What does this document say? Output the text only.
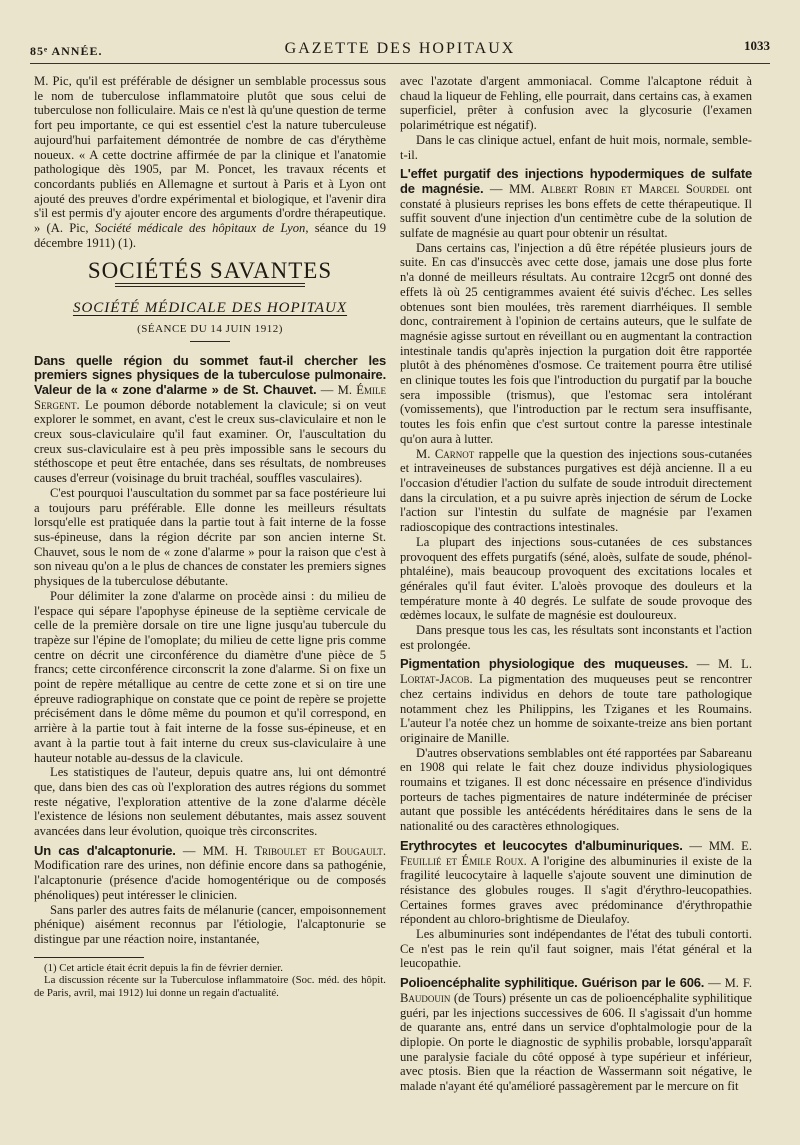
85ᵉ ANNÉE.	GAZETTE DES HOPITAUX	1033

M. Pic, qu'il est préférable de désigner un semblable processus sous le nom de tuberculose inflammatoire plutôt que sous celui de tuberculose non folliculaire. Mais ce n'est là qu'une question de terme fort peu importante, ce qui est essentiel c'est la nature tuberculeuse aujourd'hui parfaitement démontrée de nombre de cas d'érythème noueux. « A cette doctrine affirmée de par la clinique et l'anatomie pathologique dès 1905, par M. Poncet, les travaux récents et concordants publiés en Allemagne et surtout à Paris et à Lyon ont ajouté des preuves d'ordre expérimental et biologique, et l'avenir dira s'il est permis d'y ajouter encore des arguments d'ordre thérapeutique. » (A. Pic, Société médicale des hôpitaux de Lyon, séance du 19 décembre 1911) (1).

SOCIÉTÉS SAVANTES
SOCIÉTÉ MÉDICALE DES HOPITAUX
(SÉANCE DU 14 JUIN 1912)

Dans quelle région du sommet faut-il chercher les premiers signes physiques de la tuberculose pulmonaire. Valeur de la « zone d'alarme » de St. Chauvet. — M. Émile Sergent. Le poumon déborde notablement la clavicule; si on veut explorer le sommet, en avant, c'est le creux sus-claviculaire et non le creux sous-claviculaire qu'il faut examiner. Or, l'auscultation du creux sus-claviculaire est à peu près impossible sans le secours du stéthoscope et peut être entachée, dans ses résultats, de nombreuses causes d'erreur (voisinage du bruit trachéal, souffles vasculaires).

C'est pourquoi l'auscultation du sommet par sa face postérieure lui a toujours paru préférable. Elle donne les meilleurs résultats lorsqu'elle est pratiquée dans la partie tout à fait interne de la fosse sus-épineuse, dans la région décrite par son ancien interne St. Chauvet, sous le nom de « zone d'alarme » pour la raison que c'est à son niveau qu'on a le plus de chances de constater les premiers signes physiques de la tuberculose débutante.

Pour délimiter la zone d'alarme on procède ainsi : du milieu de l'espace qui sépare l'apophyse épineuse de la septième cervicale de celle de la première dorsale on tire une ligne jusqu'au tubercule du trapèze sur l'épine de l'omoplate; du milieu de cette ligne pris comme centre on décrit une circonférence du diamètre d'une pièce de 5 francs; cette circonférence circonscrit la zone d'alarme. Si on fixe un point de repère métallique au centre de cette zone et si on tire une épreuve radiographique on constate que ce point de repère se projette précisément dans le dôme même du poumon et qu'il correspond, en arrière à la partie tout à fait interne de la fosse sus-épineuse, et en avant à la partie tout à fait interne du creux sus-claviculaire à une hauteur notable au-dessus de la clavicule.

Les statistiques de l'auteur, depuis quatre ans, lui ont démontré que, dans bien des cas où l'exploration des autres régions du sommet reste négative, l'exploration attentive de la zone d'alarme décèle l'existence de lésions non seulement débutantes, mais assez souvent avancées dans leur évolution, quoique très circonscrites.

Un cas d'alcaptonurie. — MM. H. Triboulet et Bougault. Modification rare des urines, non définie encore dans sa pathogénie, l'alcaptonurie (présence d'acide homogentérique ou de composés phénoliques) peut intéresser le clinicien.

Sans parler des autres faits de mélanurie (cancer, empoisonnement phénique) aisément reconnus par l'étiologie, l'alcaptonurie se distingue par une réaction noire, instantanée,

(1) Cet article était écrit depuis la fin de février dernier.

La discussion récente sur la Tuberculose inflammatoire (Soc. méd. des hôpit. de Paris, avril, mai 1912) lui donne un regain d'actualité.

avec l'azotate d'argent ammoniacal. Comme l'alcaptone réduit à chaud la liqueur de Fehling, elle pourrait, dans certains cas, à examen superficiel, prêter à confusion avec la glycosurie (l'examen polarimétrique est négatif).

Dans le cas clinique actuel, enfant de huit mois, normale, semble-t-il.

L'effet purgatif des injections hypodermiques de sulfate de magnésie. — MM. Albert Robin et Marcel Sourdel ont constaté à plusieurs reprises les bons effets de cette thérapeutique. Il suffit souvent d'une injection d'un centimètre cube de la solution de sulfate de magnésie au quart pour obtenir un résultat.

Dans certains cas, l'injection a dû être répétée plusieurs jours de suite. En cas d'insuccès avec cette dose, jamais une dose plus forte n'a donné de meilleurs résultats. Au contraire 12cgr5 ont donné des effets là où 25 centigrammes avaient été suivis d'échec. Les selles obtenues sont bien moulées, très rarement diarrhéiques. Il semble donc, contrairement à l'opinion de certains auteurs, que le sulfate de magnésie agisse surtout en réveillant ou en augmentant la contraction intestinale tandis qu'après injection la purgation doit être rapportée plutôt à des phénomènes d'osmose. Ce traitement pourra être utilisé en clinique toutes les fois que l'introduction du purgatif par la bouche sera impossible (trismus), que l'estomac sera intolérant (vomissements), que l'introduction par le rectum sera insuffisante, toutes les fois enfin que c'est surtout contre la paresse intestinale qu'on aura à lutter.

M. Carnot rappelle que la question des injections sous-cutanées et intraveineuses de substances purgatives est déjà ancienne. Il a eu l'occasion d'étudier l'action du sulfate de soude introduit directement dans la circulation, et a pu suivre après injection de sérum de Locke l'action sur l'intestin du sulfate de magnésie par l'examen radioscopique des contractions intestinales.

La plupart des injections sous-cutanées de ces substances provoquent des effets purgatifs (séné, aloès, sulfate de soude, phénol-phtaléine), mais beaucoup provoquent des excitations locales et générales qu'il faut éviter. L'aloès provoque des douleurs et la température monte à 40 degrés. Le sulfate de soude provoque des œdèmes locaux, le sulfate de magnésie est douloureux.

Dans presque tous les cas, les résultats sont inconstants et l'action est prolongée.

Pigmentation physiologique des muqueuses. — M. L. Lortat-Jacob. La pigmentation des muqueuses peut se rencontrer chez certains individus en dehors de toute tare pathologique notamment chez les Philippins, les Tziganes et les Roumains. L'auteur l'a notée chez un homme de soixante-treize ans bien portant originaire de Manille.

D'autres observations semblables ont été rapportées par Sabareanu en 1908 qui relate le fait chez douze individus physiologiques roumains et tziganes. Il est donc nécessaire en présence d'individus porteurs de taches pigmentaires de nature indéterminée de préciser autant que possible les antécédents héréditaires dans le sens de la nationalité ou des caractères ethnologiques.

Erythrocytes et leucocytes d'albuminuriques. — MM. E. Feuillié et Émile Roux. A l'origine des albuminuries il existe de la fragilité leucocytaire à laquelle s'ajoute souvent une diminution de résistance des globules rouges. Il s'agit d'érythro-leucopathies. Certaines formes graves avec prédominance d'érythropathie répondent au chloro-brightisme de Dieulafoy.

Les albuminuries sont indépendantes de l'état des tubuli contorti. Ce n'est pas le rein qu'il faut soigner, mais l'état général et la leucopathie.

Polioencéphalite syphilitique. Guérison par le 606. — M. F. Baudouin (de Tours) présente un cas de polioencéphalite syphilitique guéri, par les injections successives de 606. Il s'agissait d'un homme de quarante ans, entré dans un service d'ophtalmologie pour de la diplopie. On porte le diagnostic de syphilis probable, lorsqu'apparaît une paralysie faciale du côté opposé à type supérieur et inférieur, avec ptosis. Bien que la réaction de Wassermann soit négative, le malade n'ayant été qu'amélioré passagèrement par le mercure on fit
